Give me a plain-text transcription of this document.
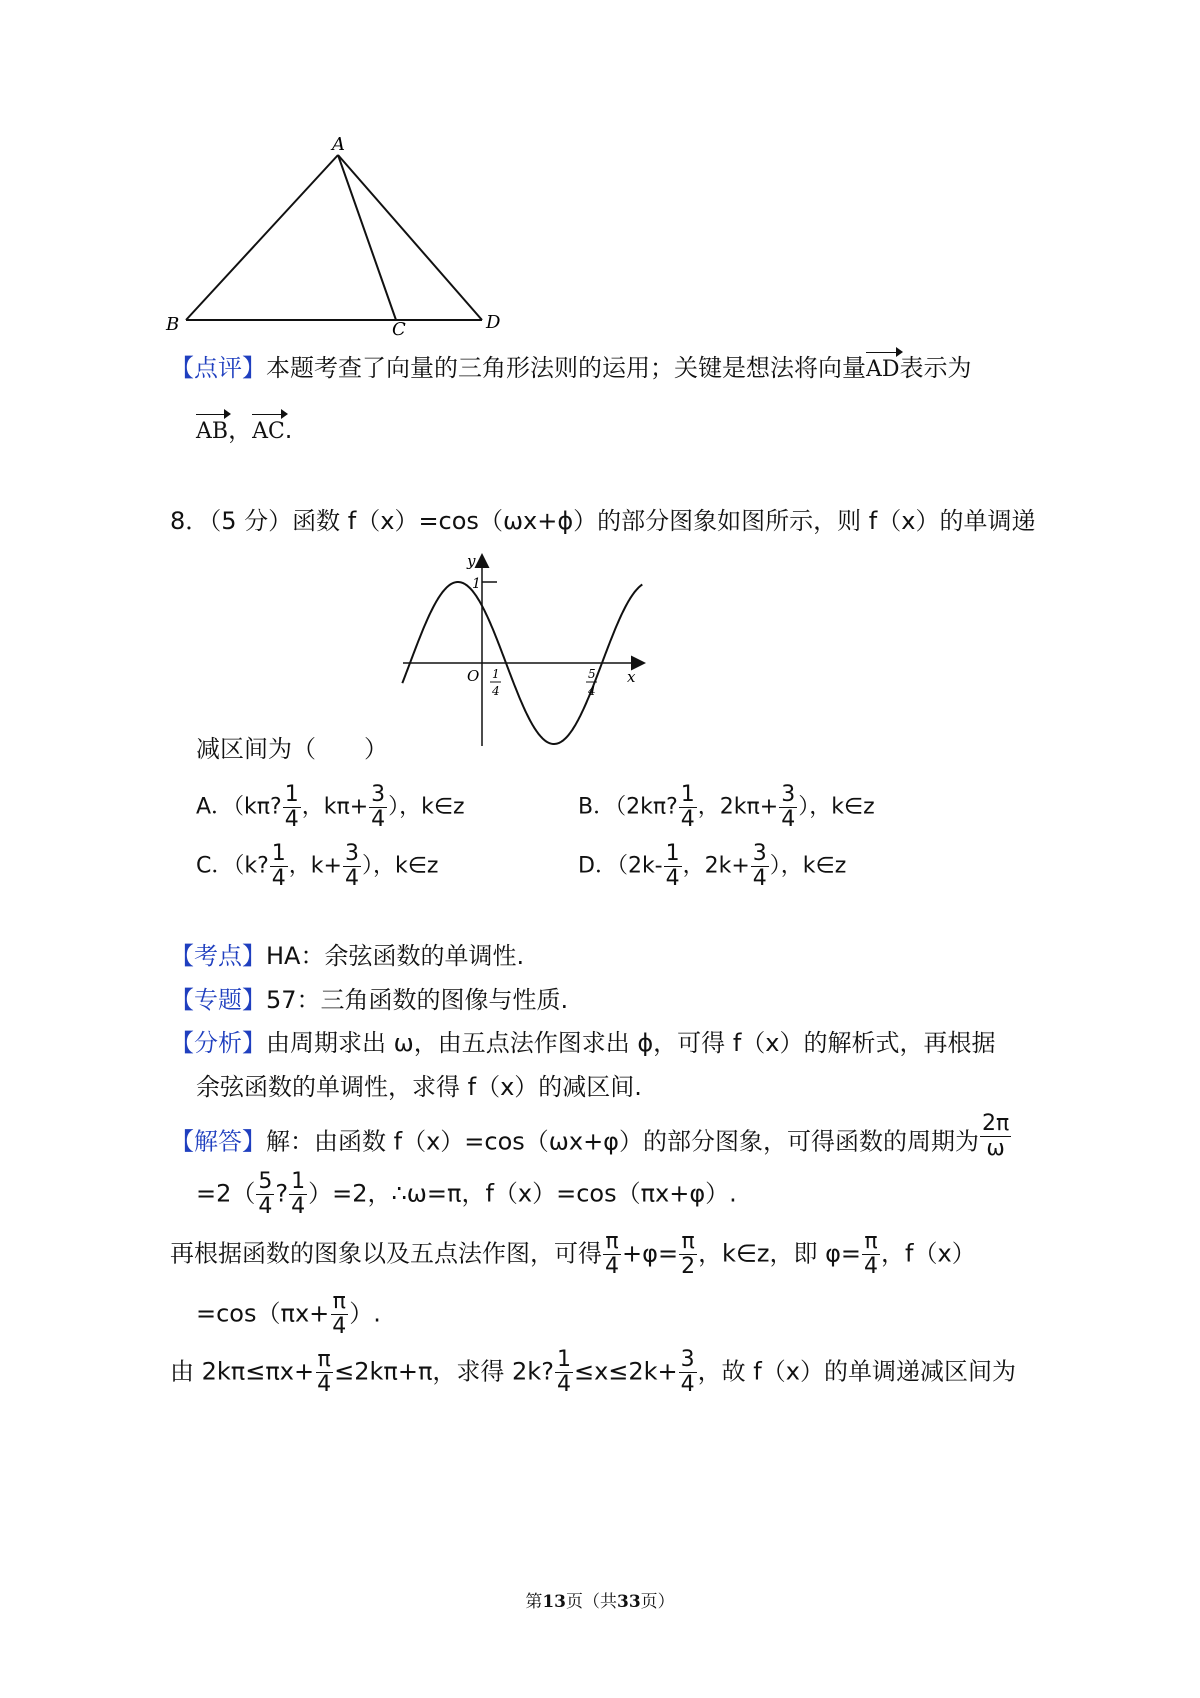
A
B	C	D
【点评】本题考查了向量的三角形法则的运用；关键是想法将向量AD表示为
AB，AC.
8．（5 分）函数 f（x）=cos（ωx+ϕ）的部分图象如图所示，则 f（x）的单调递
y
1
O	x
1
4
5
4
减区间为（　　）
A．（kπ? $\frac{1}{4}$ ，$k\pi+ \frac{3}{4}$ ），k∈z	B．（2kπ? $\frac{1}{4}$ ，$2k\pi+ \frac{3}{4}$ ），k∈z
C．（k? $\frac{1}{4}$ ，$k+ \frac{3}{4}$ ），k∈z	D．（$2k- \frac{1}{4}$ ，$2k+ \frac{3}{4}$ ），k∈z
【考点】HA：余弦函数的单调性.
【专题】57：三角函数的图像与性质.
【分析】由周期求出 ω，由五点法作图求出 ϕ，可得 f（x）的解析式，再根据
余弦函数的单调性，求得 f（x）的减区间.
【解答】解：由函数 f（x）=cos（ωx+φ）的部分图象，可得函数的周期为 $\frac{2\pi}{\omega}$
$=2( \frac{5}{4}$ ? $\frac{1}{4} )=2$，∴ω=π，f（x）=cos（πx+φ）.
再根据函数的图象以及五点法作图，可得 $\frac{\pi}{4} +\varphi= \frac{\pi}{2}$ ，k∈z，即 $\varphi= \frac{\pi}{4}$ ，f（x）
$=\cos(\pi x+ \frac{\pi}{4}$ ）.
由 $2k\pi\le\pi x+ \frac{\pi}{4} \le 2k\pi+\pi$，求得 2k? $\frac{1}{4} \le x\le 2k+ \frac{3}{4}$ ，故 f（x）的单调递减区间为
第13页（共33页）
